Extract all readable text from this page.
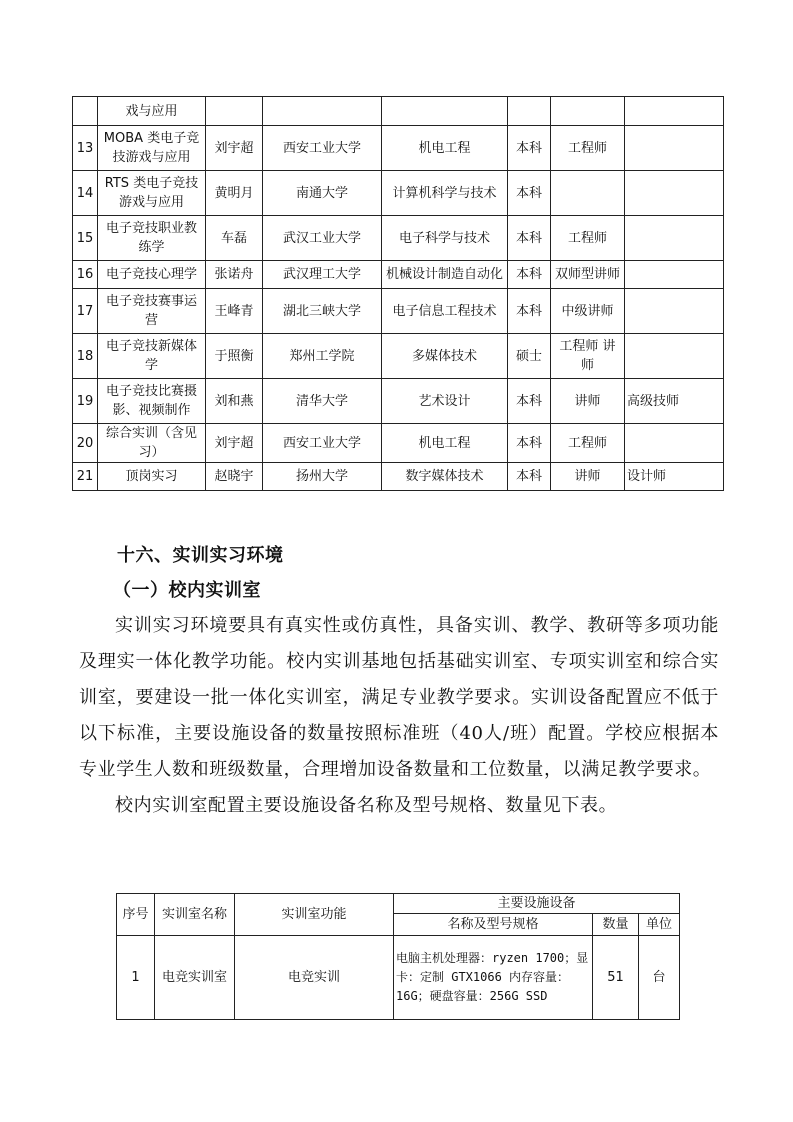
	戏与应用						
13	MOBA 类电子竞技游戏与应用	刘宇超	西安工业大学	机电工程	本科	工程师	
14	RTS 类电子竞技游戏与应用	黄明月	南通大学	计算机科学与技术	本科		
15	电子竞技职业教练学	车磊	武汉工业大学	电子科学与技术	本科	工程师	
16	电子竞技心理学	张诺舟	武汉理工大学	机械设计制造自动化	本科	双师型讲师	
17	电子竞技赛事运营	王峰青	湖北三峡大学	电子信息工程技术	本科	中级讲师	
18	电子竞技新媒体学	于照衡	郑州工学院	多媒体技术	硕士	工程师 讲师	
19	电子竞技比赛摄影、视频制作	刘和燕	清华大学	艺术设计	本科	讲师	高级技师
20	综合实训（含见习）	刘宇超	西安工业大学	机电工程	本科	工程师	
21	顶岗实习	赵晓宇	扬州大学	数字媒体技术	本科	讲师	设计师
十六、实训实习环境
（一）校内实训室
实训实习环境要具有真实性或仿真性，具备实训、教学、教研等多项功能及理实一体化教学功能。校内实训基地包括基础实训室、专项实训室和综合实训室，要建设一批一体化实训室，满足专业教学要求。实训设备配置应不低于以下标准，主要设施设备的数量按照标准班（40人/班）配置。学校应根据本专业学生人数和班级数量，合理增加设备数量和工位数量，以满足教学要求。
校内实训室配置主要设施设备名称及型号规格、数量见下表。
序号	实训室名称	实训室功能	主要设施设备		
			名称及型号规格	数量	单位
1	电竞实训室	电竞实训	电脑主机处理器：ryzen 1700；显卡：定制 GTX1066 内存容量：16G；硬盘容量：256G SSD	51	台
